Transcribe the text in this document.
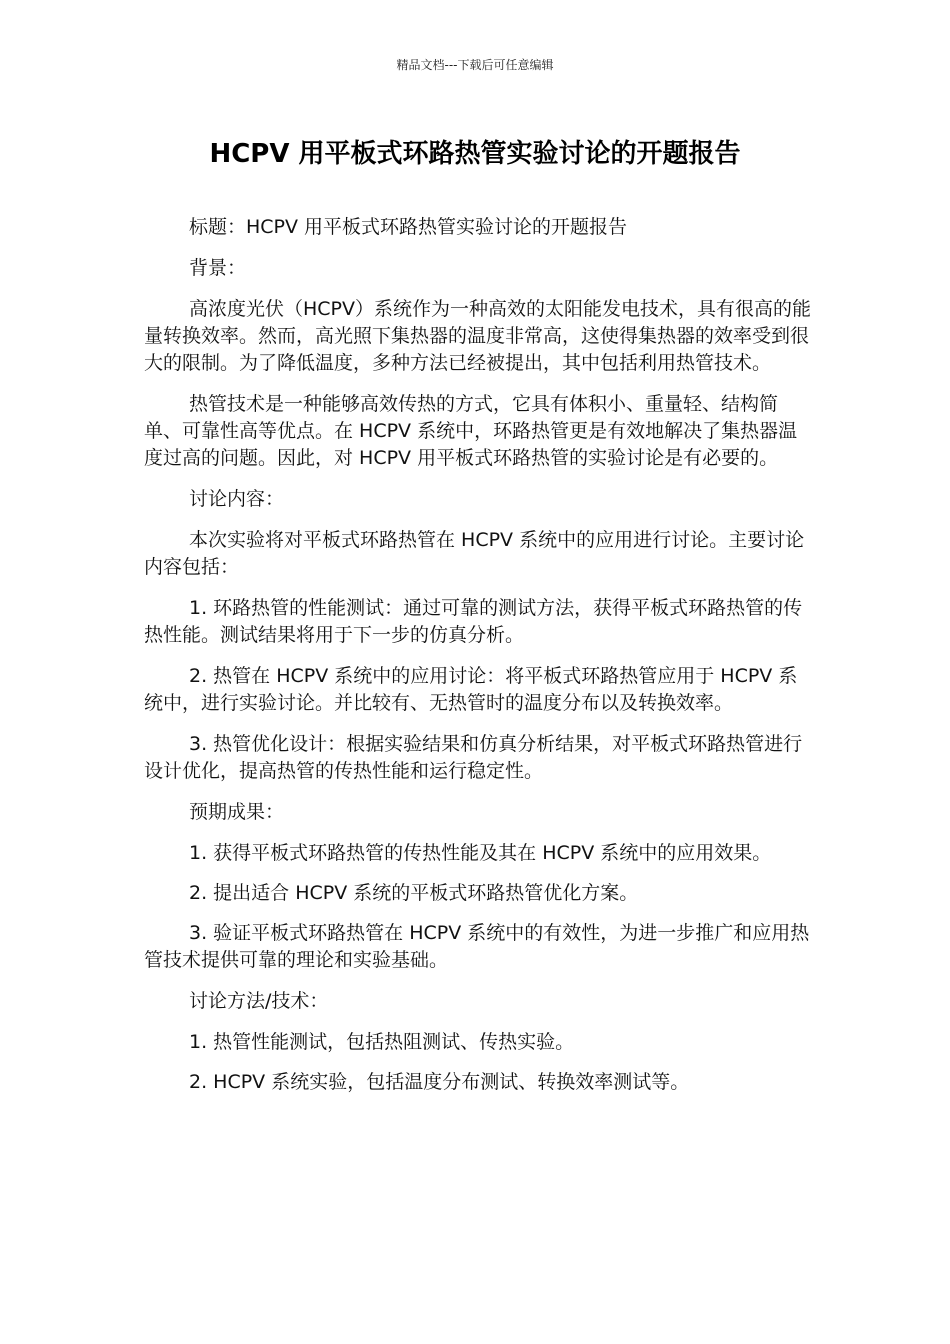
精品文档---下载后可任意编辑
HCPV 用平板式环路热管实验讨论的开题报告

标题：HCPV 用平板式环路热管实验讨论的开题报告

背景：

高浓度光伏（HCPV）系统作为一种高效的太阳能发电技术，具有很高的能量转换效率。然而，高光照下集热器的温度非常高，这使得集热器的效率受到很大的限制。为了降低温度，多种方法已经被提出，其中包括利用热管技术。

热管技术是一种能够高效传热的方式，它具有体积小、重量轻、结构简单、可靠性高等优点。在 HCPV 系统中，环路热管更是有效地解决了集热器温度过高的问题。因此，对 HCPV 用平板式环路热管的实验讨论是有必要的。

讨论内容：

本次实验将对平板式环路热管在 HCPV 系统中的应用进行讨论。主要讨论内容包括：

1. 环路热管的性能测试：通过可靠的测试方法，获得平板式环路热管的传热性能。测试结果将用于下一步的仿真分析。

2. 热管在 HCPV 系统中的应用讨论：将平板式环路热管应用于 HCPV 系统中，进行实验讨论。并比较有、无热管时的温度分布以及转换效率。

3. 热管优化设计：根据实验结果和仿真分析结果，对平板式环路热管进行设计优化，提高热管的传热性能和运行稳定性。

预期成果：

1. 获得平板式环路热管的传热性能及其在 HCPV 系统中的应用效果。

2. 提出适合 HCPV 系统的平板式环路热管优化方案。

3. 验证平板式环路热管在 HCPV 系统中的有效性，为进一步推广和应用热管技术提供可靠的理论和实验基础。

讨论方法/技术：

1. 热管性能测试，包括热阻测试、传热实验。

2. HCPV 系统实验，包括温度分布测试、转换效率测试等。
